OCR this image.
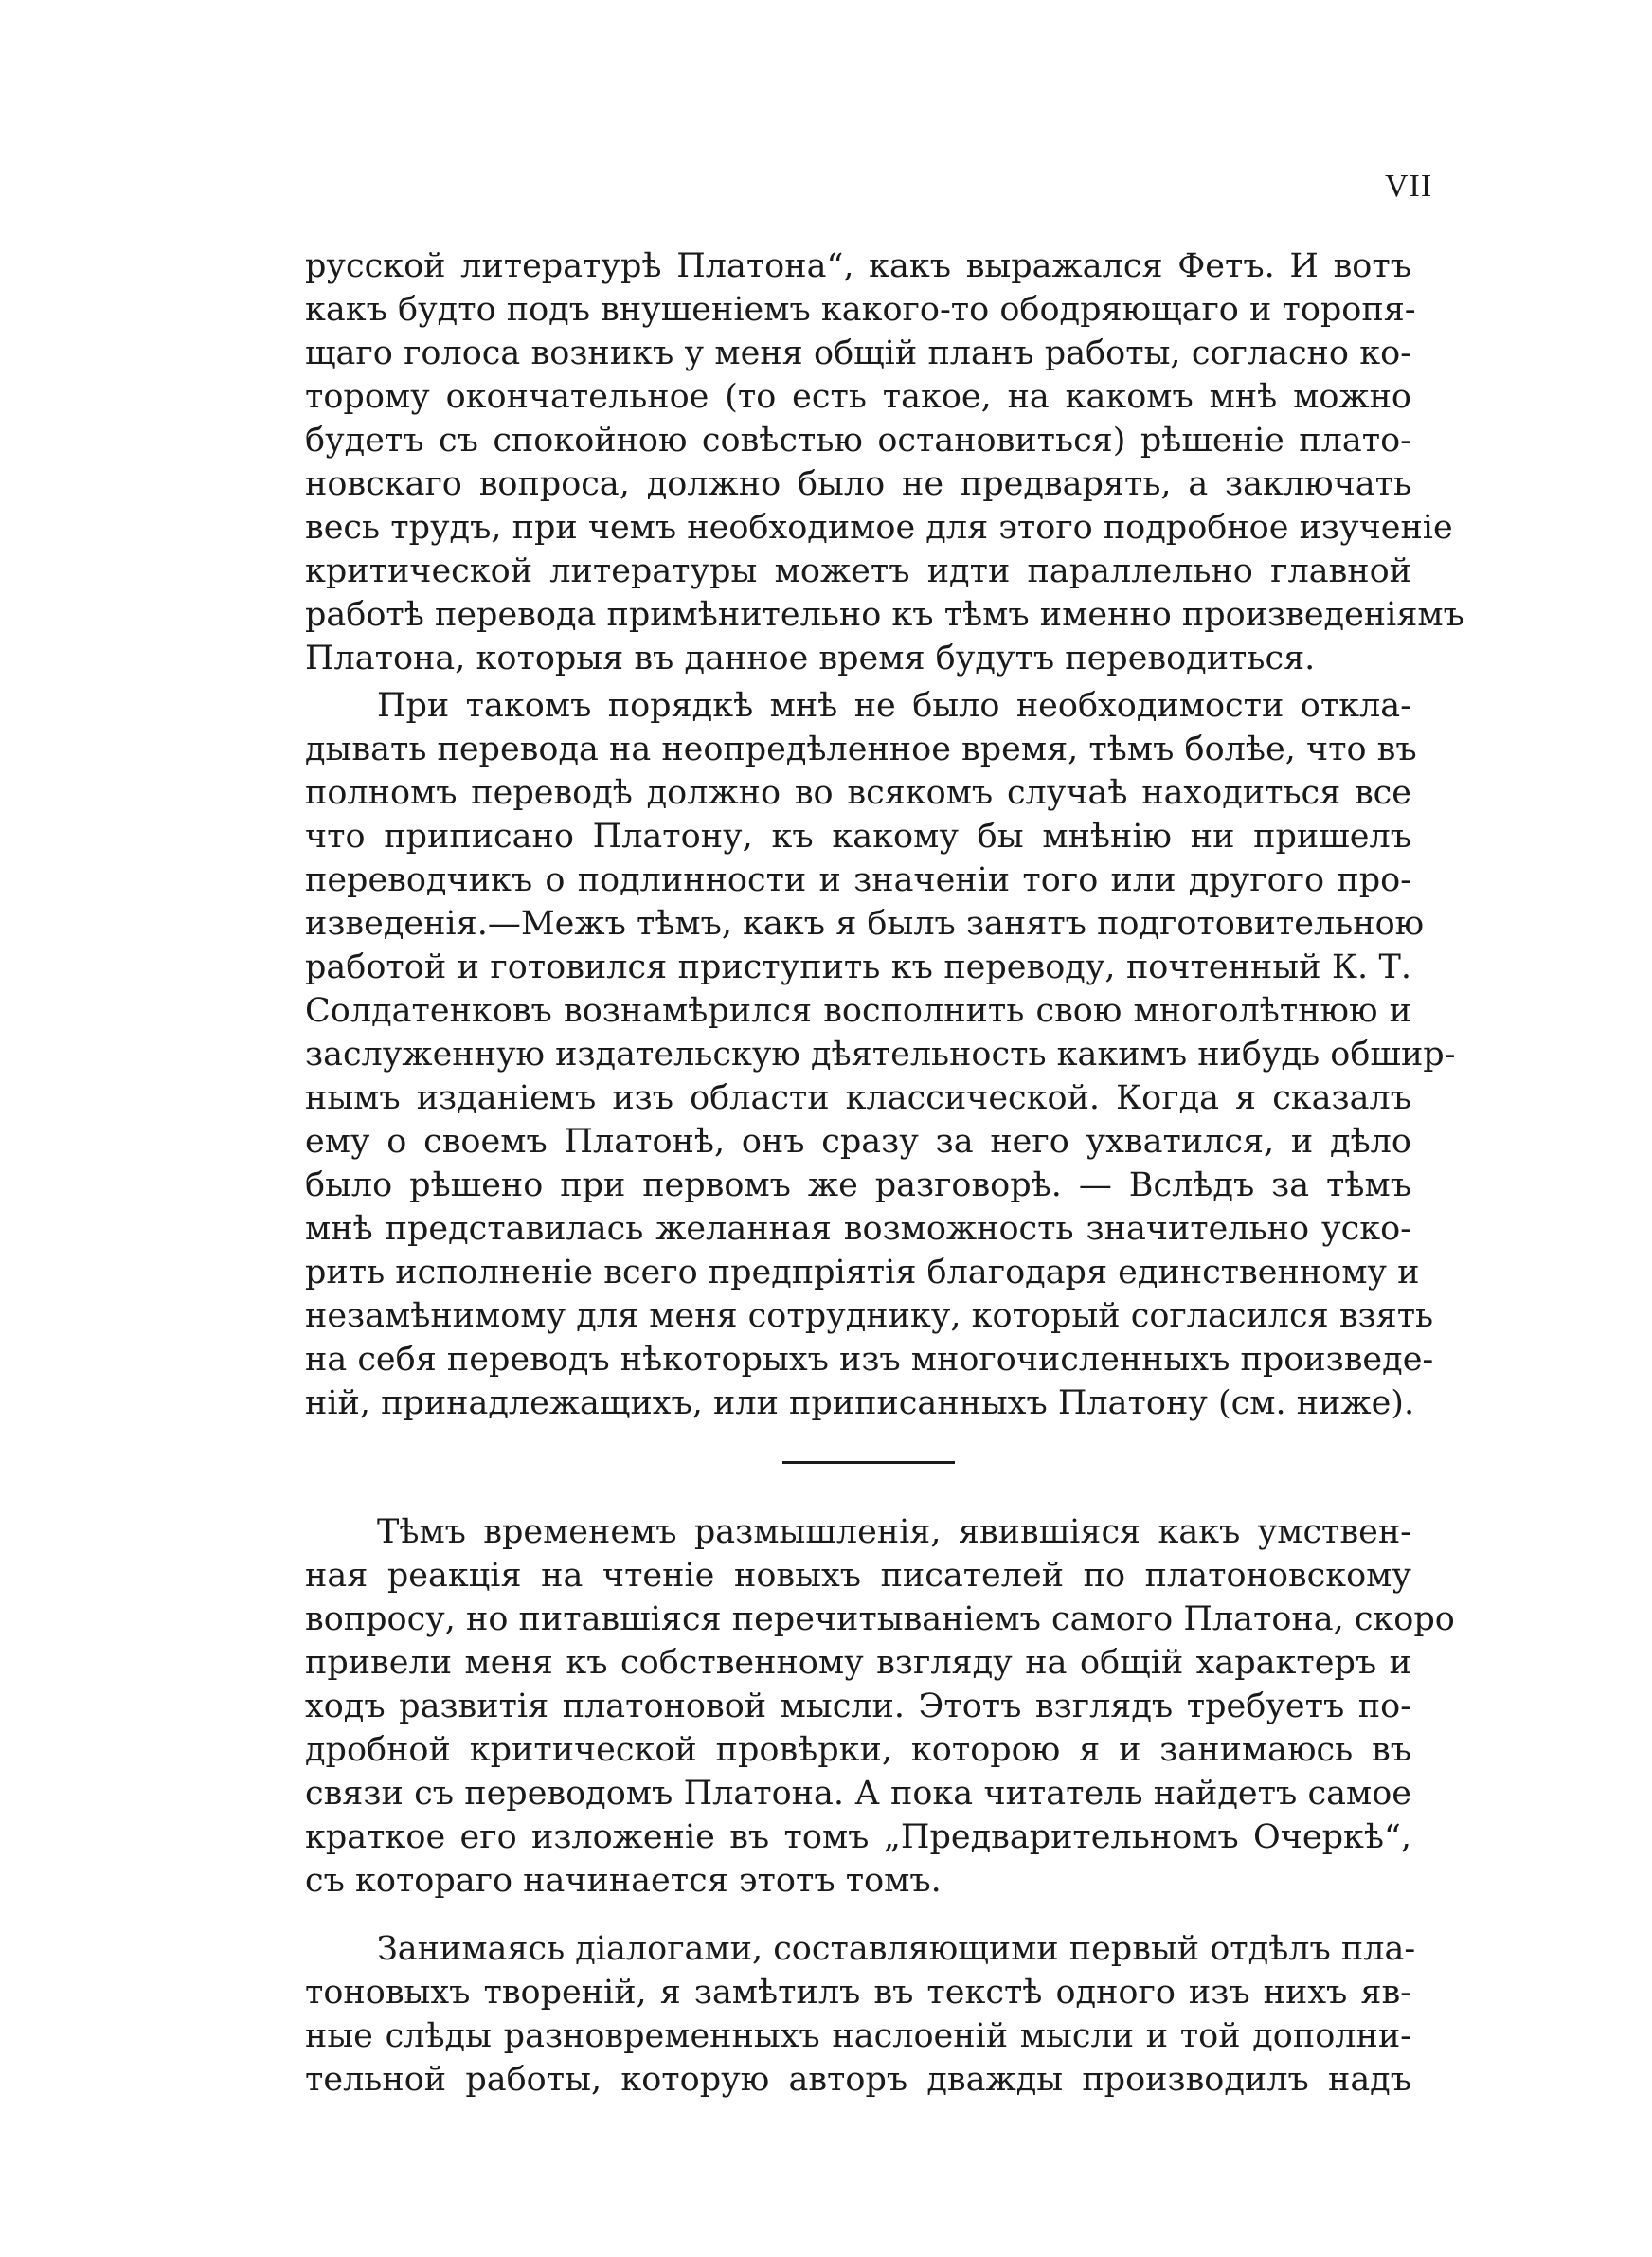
VII
русской литературѣ Платона“, какъ выражался Фетъ. И вотъ
какъ будто подъ внушеніемъ какого-то ободряющаго и торопя-
щаго голоса возникъ у меня общій планъ работы, согласно ко-
торому окончательное (то есть такое, на какомъ мнѣ можно
будетъ съ спокойною совѣстью остановиться) рѣшеніе плато-
новскаго вопроса, должно было не предварять, а заключать
весь трудъ, при чемъ необходимое для этого подробное изученіе
критической литературы можетъ идти параллельно главной
работѣ перевода примѣнительно къ тѣмъ именно произведеніямъ
Платона, которыя въ данное время будутъ переводиться.
При такомъ порядкѣ мнѣ не было необходимости откла-
дывать перевода на неопредѣленное время, тѣмъ болѣе, что въ
полномъ переводѣ должно во всякомъ случаѣ находиться все
что приписано Платону, къ какому бы мнѣнію ни пришелъ
переводчикъ о подлинности и значеніи того или другого про-
изведенія.—Межъ тѣмъ, какъ я былъ занятъ подготовительною
работой и готовился приступить къ переводу, почтенный К. Т.
Солдатенковъ вознамѣрился восполнить свою многолѣтнюю и
заслуженную издательскую дѣятельность какимъ нибудь обшир-
нымъ изданіемъ изъ области классической. Когда я сказалъ
ему о своемъ Платонѣ, онъ сразу за него ухватился, и дѣло
было рѣшено при первомъ же разговорѣ. — Вслѣдъ за тѣмъ
мнѣ представилась желанная возможность значительно уско-
рить исполненіе всего предпріятія благодаря единственному и
незамѣнимому для меня сотруднику, который согласился взять
на себя переводъ нѣкоторыхъ изъ многочисленныхъ произведе-
ній, принадлежащихъ, или приписанныхъ Платону (см. ниже).
Тѣмъ временемъ размышленія, явившіяся какъ умствен-
ная реакція на чтеніе новыхъ писателей по платоновскому
вопросу, но питавшіяся перечитываніемъ самого Платона, скоро
привели меня къ собственному взгляду на общій характеръ и
ходъ развитія платоновой мысли. Этотъ взглядъ требуетъ по-
дробной критической провѣрки, которою я и занимаюсь въ
связи съ переводомъ Платона. А пока читатель найдетъ самое
краткое его изложеніе въ томъ „Предварительномъ Очеркѣ“,
съ котораго начинается этотъ томъ.
Занимаясь діалогами, составляющими первый отдѣлъ пла-
тоновыхъ твореній, я замѣтилъ въ текстѣ одного изъ нихъ яв-
ные слѣды разновременныхъ наслоеній мысли и той дополни-
тельной работы, которую авторъ дважды производилъ надъ
